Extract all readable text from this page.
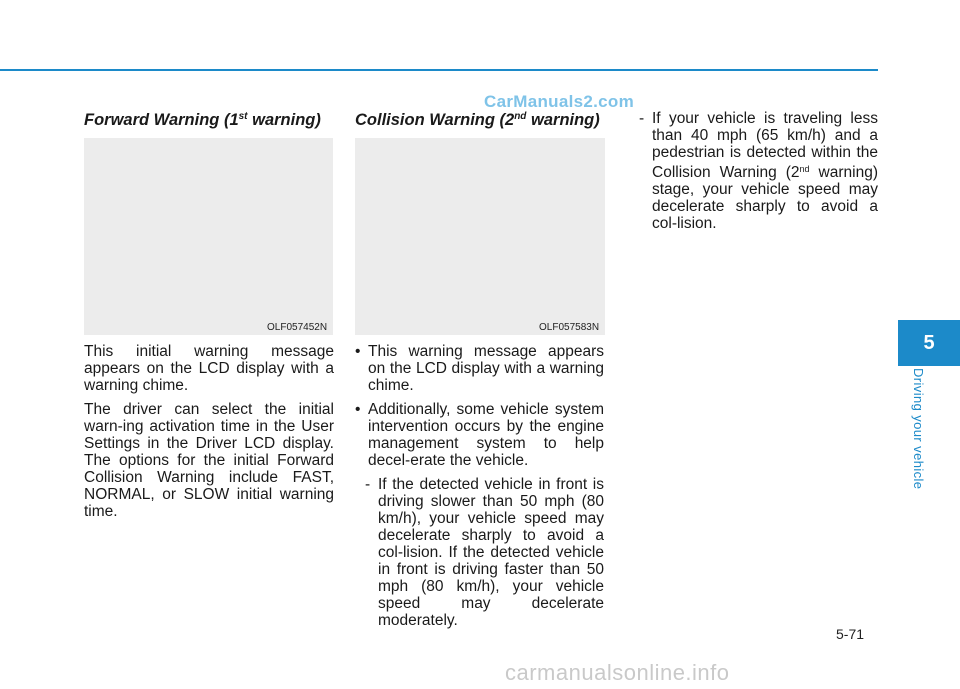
CarManuals2.com
Forward Warning (1st warning)
OLF057452N

This initial warning message appears on the LCD display with a warning chime.

The driver can select the initial warn-ing activation time in the User Settings in the Driver LCD display. The options for the initial Forward Collision Warning include FAST, NORMAL, or SLOW initial warning time.

Collision Warning (2nd warning)
OLF057583N
• This warning message appears on the LCD display with a warning chime.
• Additionally, some vehicle system intervention occurs by the engine management system to help decel-erate the vehicle.
- If the detected vehicle in front is driving slower than 50 mph (80 km/h), your vehicle speed may decelerate sharply to avoid a col-lision. If the detected vehicle in front is driving faster than 50 mph (80 km/h), your vehicle speed may decelerate moderately.
- If your vehicle is traveling less than 40 mph (65 km/h) and a pedestrian is detected within the Collision Warning (2nd warning) stage, your vehicle speed may decelerate sharply to avoid a col-lision.
5
Driving your vehicle
5-71
carmanualsonline.info
